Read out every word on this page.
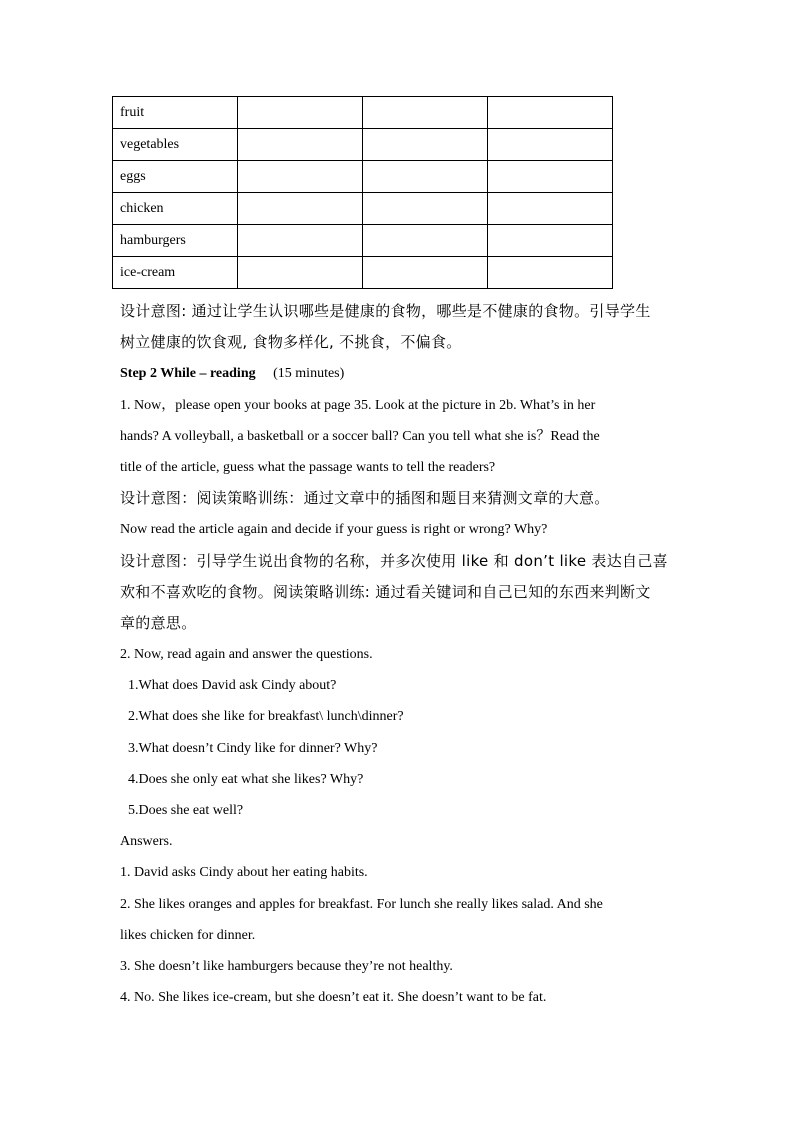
fruit			
vegetables			
eggs			
chicken			
hamburgers			
ice-cream			
设计意图: 通过让学生认识哪些是健康的食物，哪些是不健康的食物。引导学生
树立健康的饮食观, 食物多样化, 不挑食，不偏食。
Step 2 While – reading (15 minutes)
1. Now，please open your books at page 35. Look at the picture in 2b. What’s in her
hands? A volleyball, a basketball or a soccer ball? Can you tell what she is？Read the
title of the article, guess what the passage wants to tell the readers?
设计意图：阅读策略训练：通过文章中的插图和题目来猜测文章的大意。
Now read the article again and decide if your guess is right or wrong? Why?
设计意图：引导学生说出食物的名称，并多次使用 like 和 don’t like 表达自己喜
欢和不喜欢吃的食物。阅读策略训练: 通过看关键词和自己已知的东西来判断文
章的意思。
2. Now, read again and answer the questions.
1.What does David ask Cindy about?
2.What does she like for breakfast\ lunch\dinner?
3.What doesn’t Cindy like for dinner? Why?
4.Does she only eat what she likes? Why?
5.Does she eat well?
Answers.
1. David asks Cindy about her eating habits.
2. She likes oranges and apples for breakfast. For lunch she really likes salad. And she
likes chicken for dinner.
3. She doesn’t like hamburgers because they’re not healthy.
4. No. She likes ice-cream, but she doesn’t eat it. She doesn’t want to be fat.
